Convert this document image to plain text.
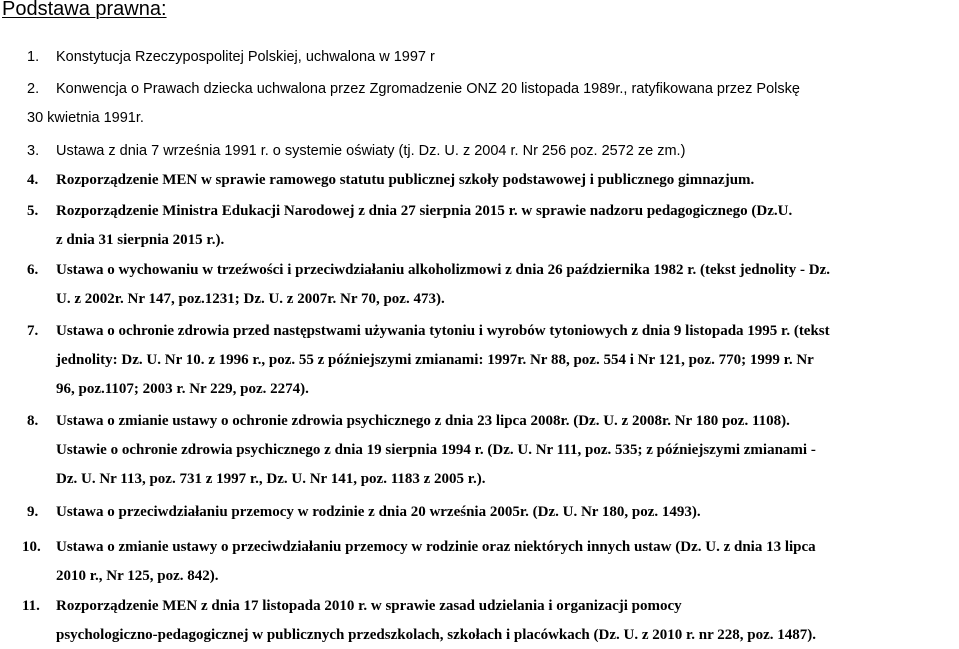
Podstawa prawna:
1. Konstytucja Rzeczypospolitej Polskiej, uchwalona w 1997 r
2. Konwencja o Prawach dziecka uchwalona przez Zgromadzenie ONZ 20 listopada 1989r., ratyfikowana przez Polskę
30 kwietnia 1991r.
3. Ustawa z dnia 7 września 1991 r. o systemie oświaty (tj. Dz. U. z 2004 r. Nr 256 poz. 2572 ze zm.)
4. Rozporządzenie MEN w sprawie ramowego statutu publicznej szkoły podstawowej i publicznego gimnazjum.
5. Rozporządzenie Ministra Edukacji Narodowej z dnia 27 sierpnia 2015 r. w sprawie nadzoru pedagogicznego (Dz.U.
z dnia 31 sierpnia 2015 r.).
6. Ustawa o wychowaniu w trzeźwości i przeciwdziałaniu alkoholizmowi z dnia 26 października 1982 r. (tekst jednolity - Dz.
U. z 2002r. Nr 147, poz.1231; Dz. U. z 2007r. Nr 70, poz. 473).
7. Ustawa o ochronie zdrowia przed następstwami używania tytoniu i wyrobów tytoniowych z dnia 9 listopada 1995 r. (tekst
jednolity: Dz. U. Nr 10. z 1996 r., poz. 55 z późniejszymi zmianami: 1997r. Nr 88, poz. 554 i Nr 121, poz. 770; 1999 r. Nr
96, poz.1107; 2003 r. Nr 229, poz. 2274).
8. Ustawa o zmianie ustawy o ochronie zdrowia psychicznego z dnia 23 lipca 2008r. (Dz. U. z 2008r. Nr 180 poz. 1108).
Ustawie o ochronie zdrowia psychicznego z dnia 19 sierpnia 1994 r. (Dz. U. Nr 111, poz. 535; z późniejszymi zmianami -
Dz. U. Nr 113, poz. 731 z 1997 r., Dz. U. Nr 141, poz. 1183 z 2005 r.).
9. Ustawa o przeciwdziałaniu przemocy w rodzinie z dnia 20 września 2005r. (Dz. U. Nr 180, poz. 1493).
10. Ustawa o zmianie ustawy o przeciwdziałaniu przemocy w rodzinie oraz niektórych innych ustaw (Dz. U. z dnia 13 lipca
2010 r., Nr 125, poz. 842).
11. Rozporządzenie MEN z dnia 17 listopada 2010 r. w sprawie zasad udzielania i organizacji pomocy
psychologiczno-pedagogicznej w publicznych przedszkolach, szkołach i placówkach (Dz. U. z 2010 r. nr 228, poz. 1487).
